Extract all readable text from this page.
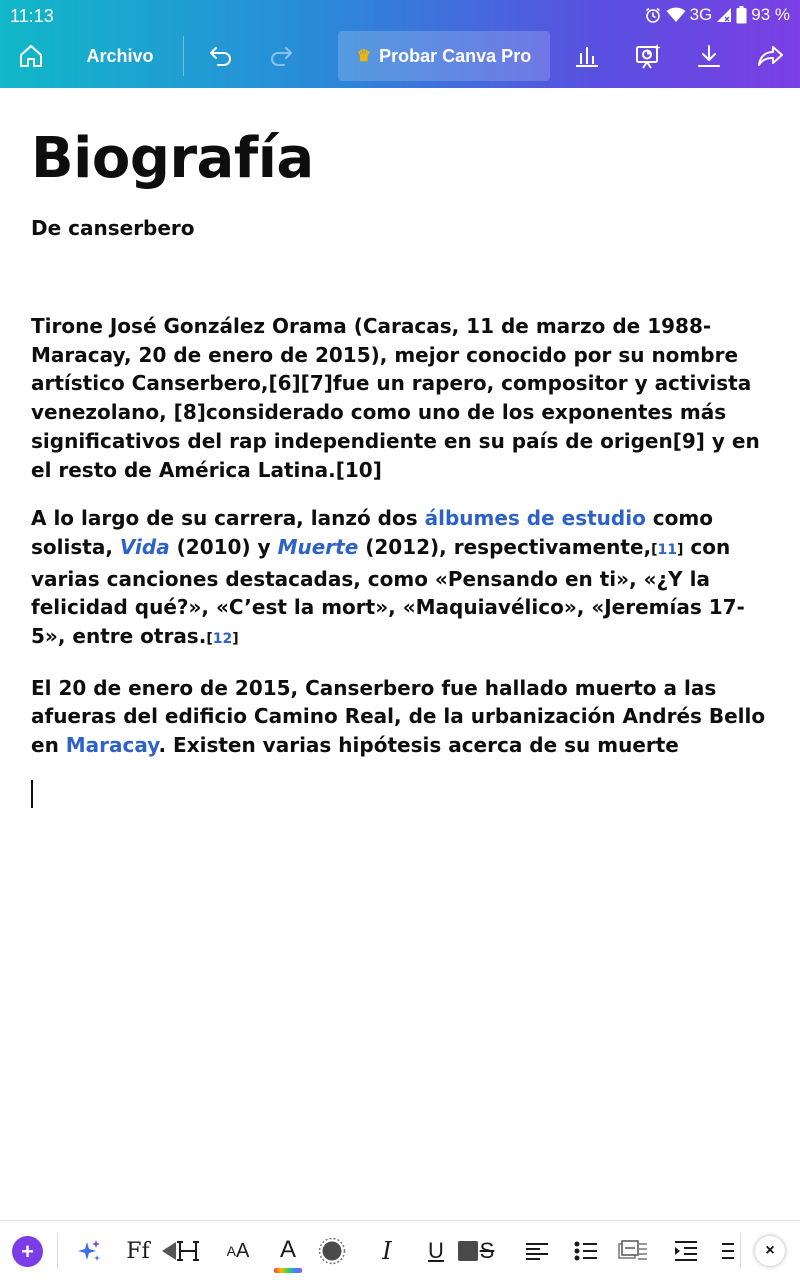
11:13	3G 93 %
Archivo	♛ Probar Canva Pro
Biografía
De canserbero

Tirone José González Orama (Caracas, 11 de marzo de 1988-Maracay, 20 de enero de 2015), mejor conocido por su nombre artístico Canserbero,[6][7]fue un rapero, compositor y activista venezolano, [8]considerado como uno de los exponentes más significativos del rap independiente en su país de origen[9] y en el resto de América Latina.[10]

A lo largo de su carrera, lanzó dos álbumes de estudio como solista, Vida (2010) y Muerte (2012), respectivamente,[11] con varias canciones destacadas, como «Pensando en ti», «¿Y la felicidad qué?», «C’est la mort», «Maquiavélico», «Jeremías 17-5», entre otras.[12]

El 20 de enero de 2015, Canserbero fue hallado muerto a las afueras del edificio Camino Real, de la urbanización Andrés Bello en Maracay. Existen varias hipótesis acerca de su muerte

+	Ff	A A A	I	U S	×
